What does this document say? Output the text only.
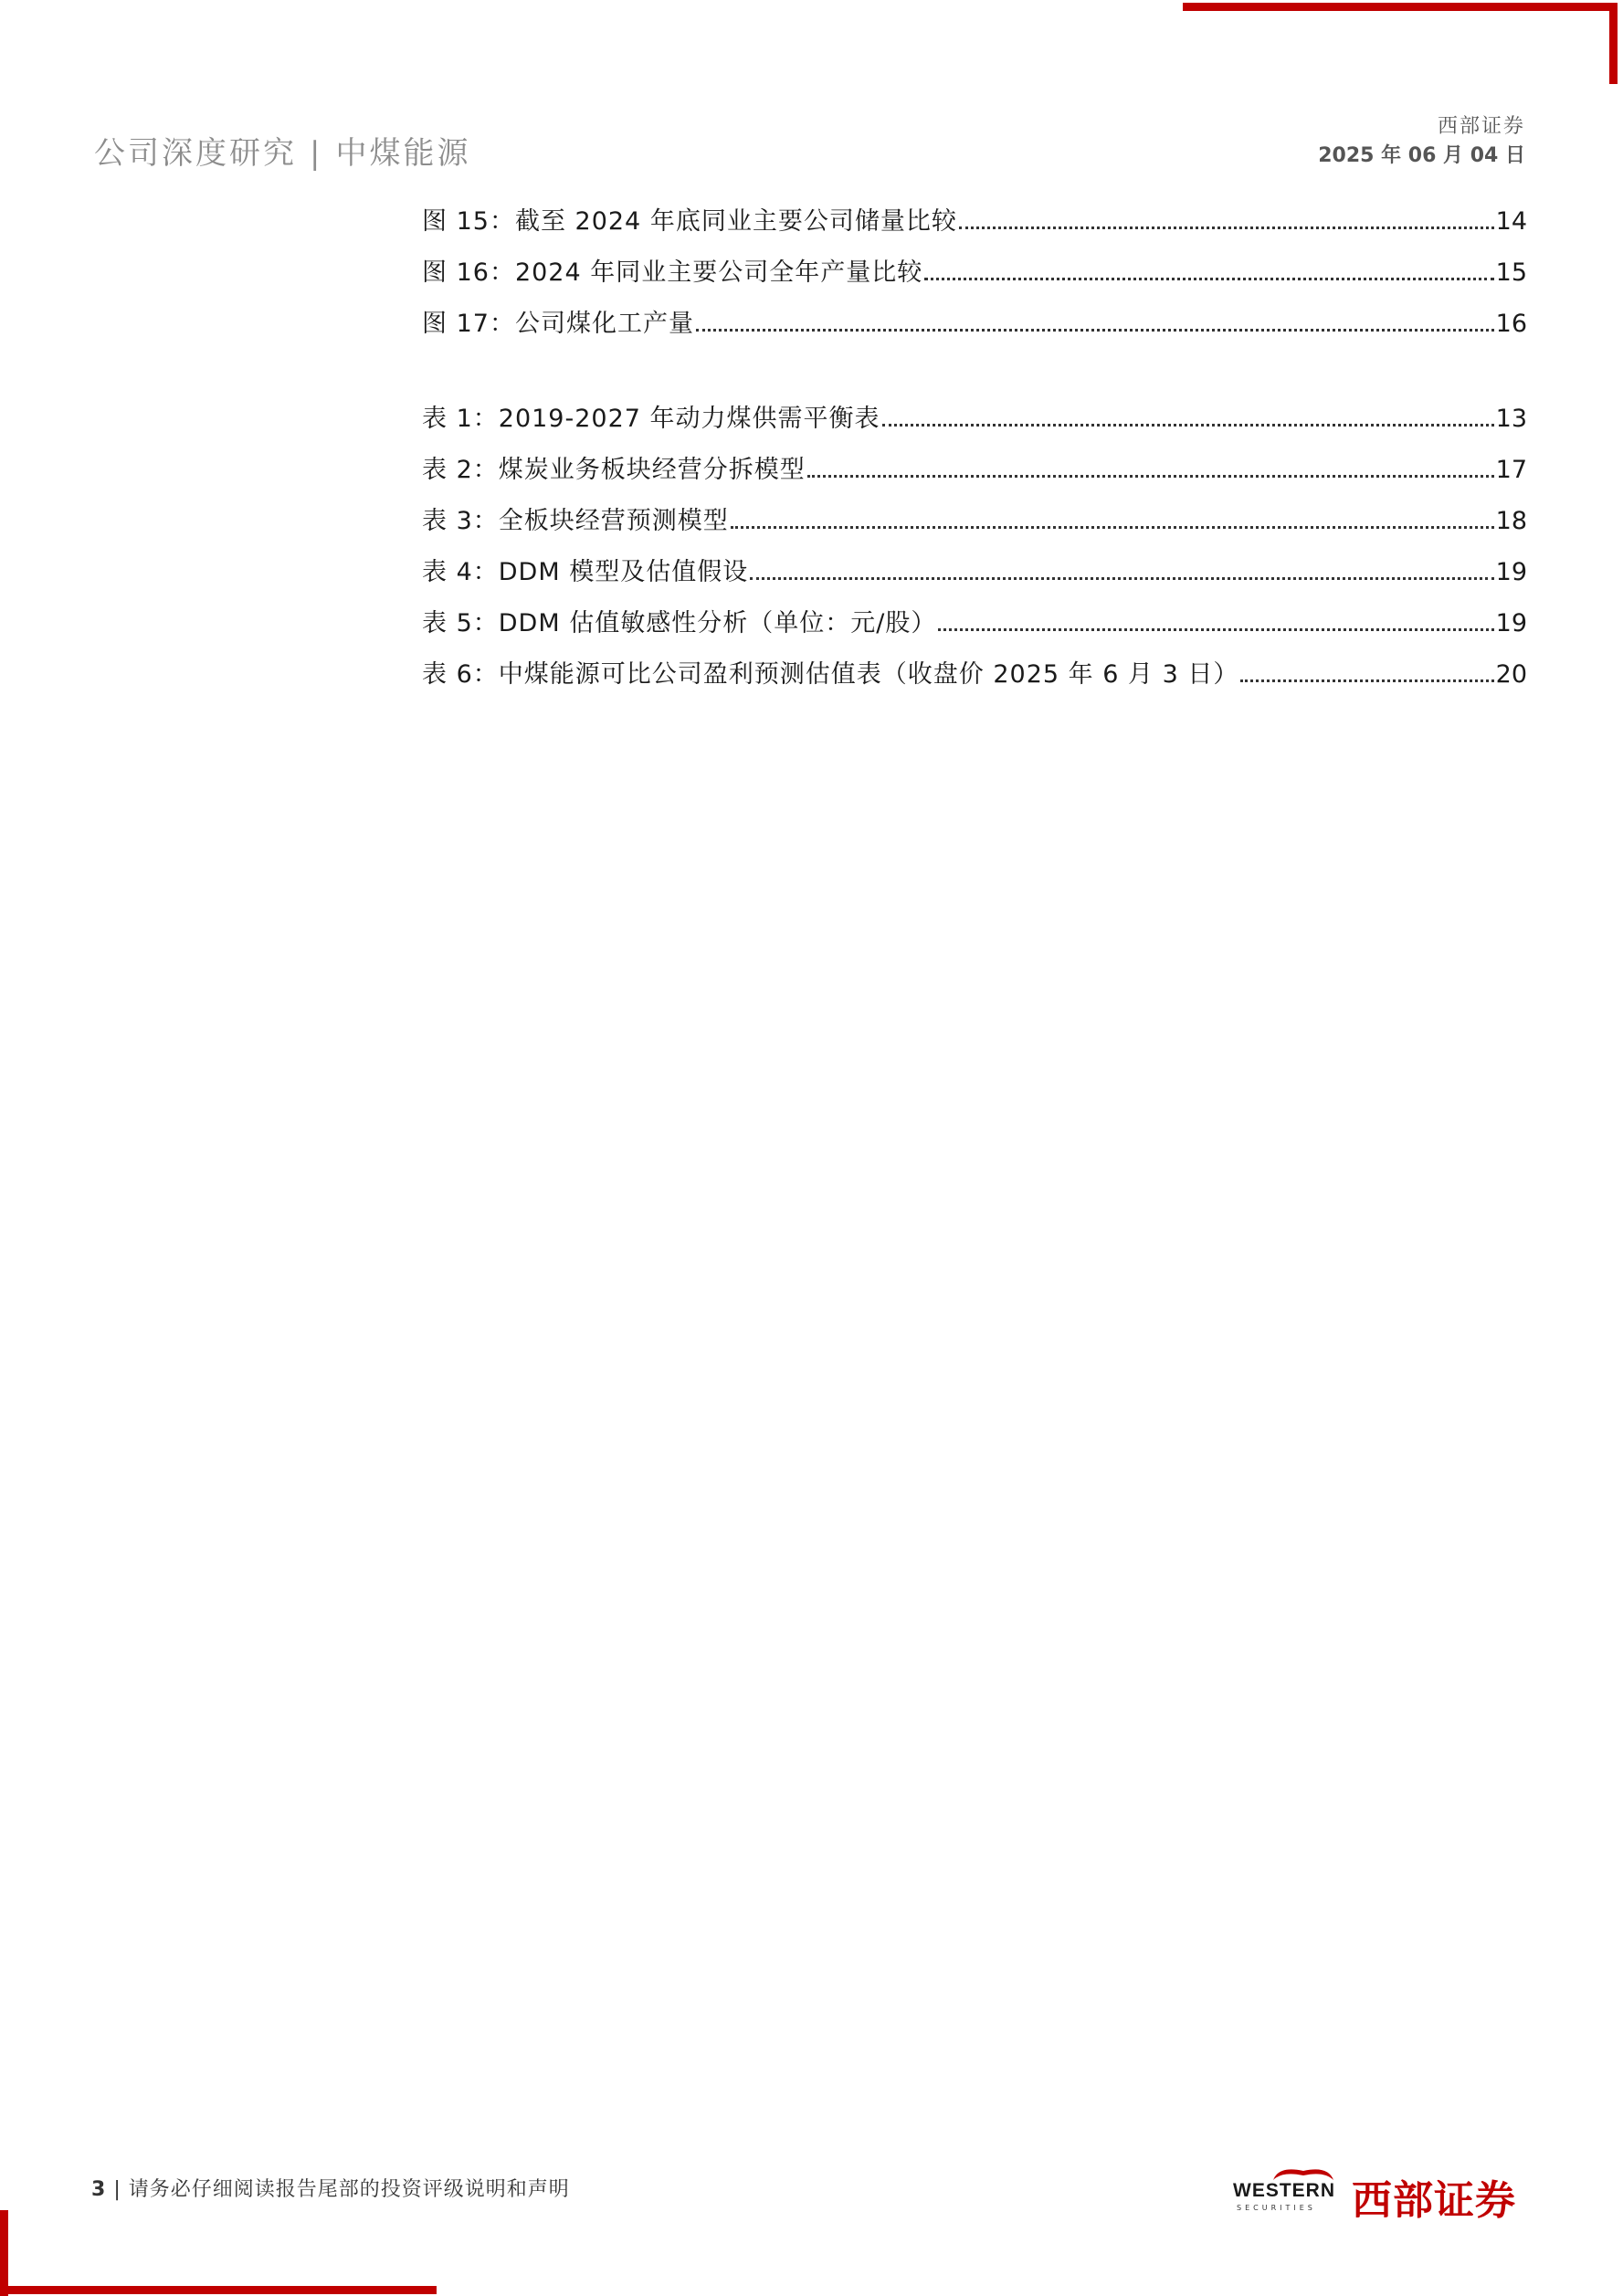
公司深度研究 | 中煤能源
西部证券
2025 年 06 月 04 日
图 15：截至 2024 年底同业主要公司储量比较	14
图 16：2024 年同业主要公司全年产量比较	15
图 17：公司煤化工产量	16
表 1：2019-2027 年动力煤供需平衡表	13
表 2：煤炭业务板块经营分拆模型	17
表 3：全板块经营预测模型	18
表 4：DDM 模型及估值假设	19
表 5：DDM 估值敏感性分析（单位：元/股）	19
表 6：中煤能源可比公司盈利预测估值表（收盘价 2025 年 6 月 3 日）	20
3 | 请务必仔细阅读报告尾部的投资评级说明和声明	WESTERN
SECURITIES 西部证券
